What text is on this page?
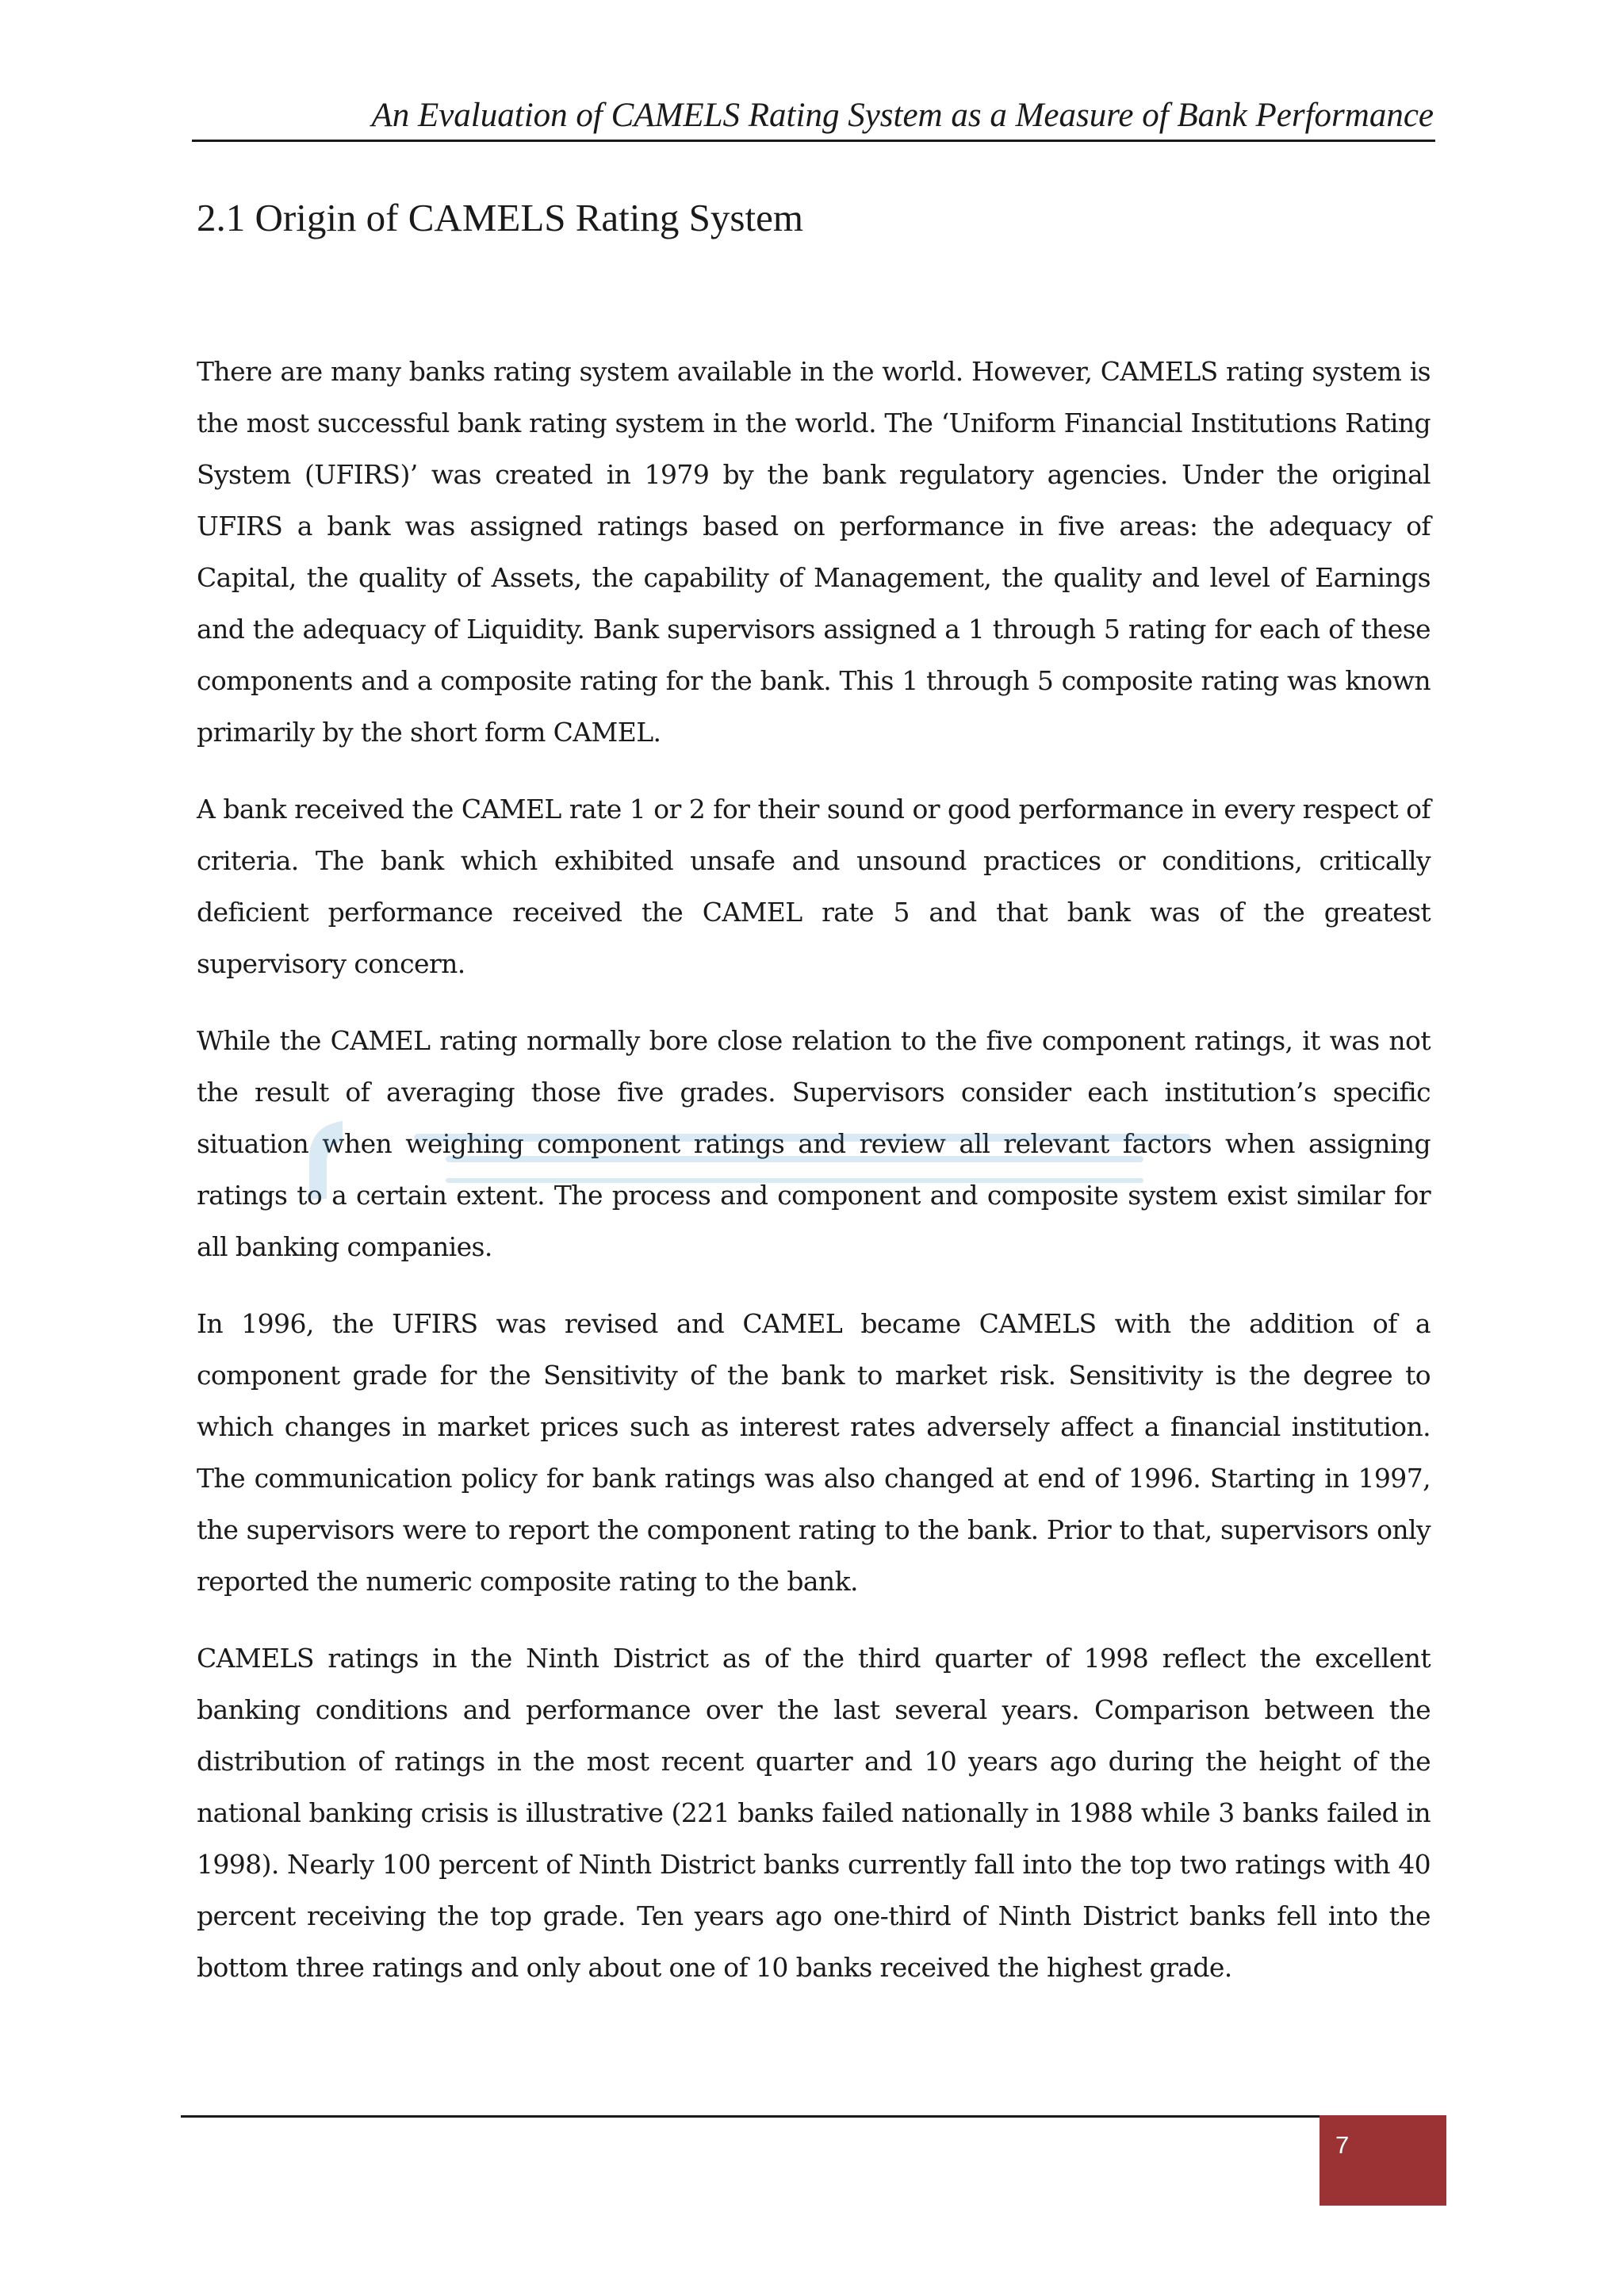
An Evaluation of CAMELS Rating System as a Measure of Bank Performance
2.1 Origin of CAMELS Rating System

There are many banks rating system available in the world. However, CAMELS rating system is the most successful bank rating system in the world. The ‘Uniform Financial Institutions Rating System (UFIRS)’ was created in 1979 by the bank regulatory agencies. Under the original UFIRS a bank was assigned ratings based on performance in five areas: the adequacy of Capital, the quality of Assets, the capability of Management, the quality and level of Earnings and the adequacy of Liquidity. Bank supervisors assigned a 1 through 5 rating for each of these components and a composite rating for the bank. This 1 through 5 composite rating was known primarily by the short form CAMEL.

A bank received the CAMEL rate 1 or 2 for their sound or good performance in every respect of criteria. The bank which exhibited unsafe and unsound practices or conditions, critically deficient performance received the CAMEL rate 5 and that bank was of the greatest supervisory concern.

While the CAMEL rating normally bore close relation to the five component ratings, it was not the result of averaging those five grades. Supervisors consider each institution’s specific situation when weighing component ratings and review all relevant factors when assigning ratings to a certain extent. The process and component and composite system exist similar for all banking companies.

In 1996, the UFIRS was revised and CAMEL became CAMELS with the addition of a component grade for the Sensitivity of the bank to market risk. Sensitivity is the degree to which changes in market prices such as interest rates adversely affect a financial institution. The communication policy for bank ratings was also changed at end of 1996. Starting in 1997, the supervisors were to report the component rating to the bank. Prior to that, supervisors only reported the numeric composite rating to the bank.

CAMELS ratings in the Ninth District as of the third quarter of 1998 reflect the excellent banking conditions and performance over the last several years. Comparison between the distribution of ratings in the most recent quarter and 10 years ago during the height of the national banking crisis is illustrative (221 banks failed nationally in 1988 while 3 banks failed in 1998). Nearly 100 percent of Ninth District banks currently fall into the top two ratings with 40 percent receiving the top grade. Ten years ago one-third of Ninth District banks fell into the bottom three ratings and only about one of 10 banks received the highest grade.

7
